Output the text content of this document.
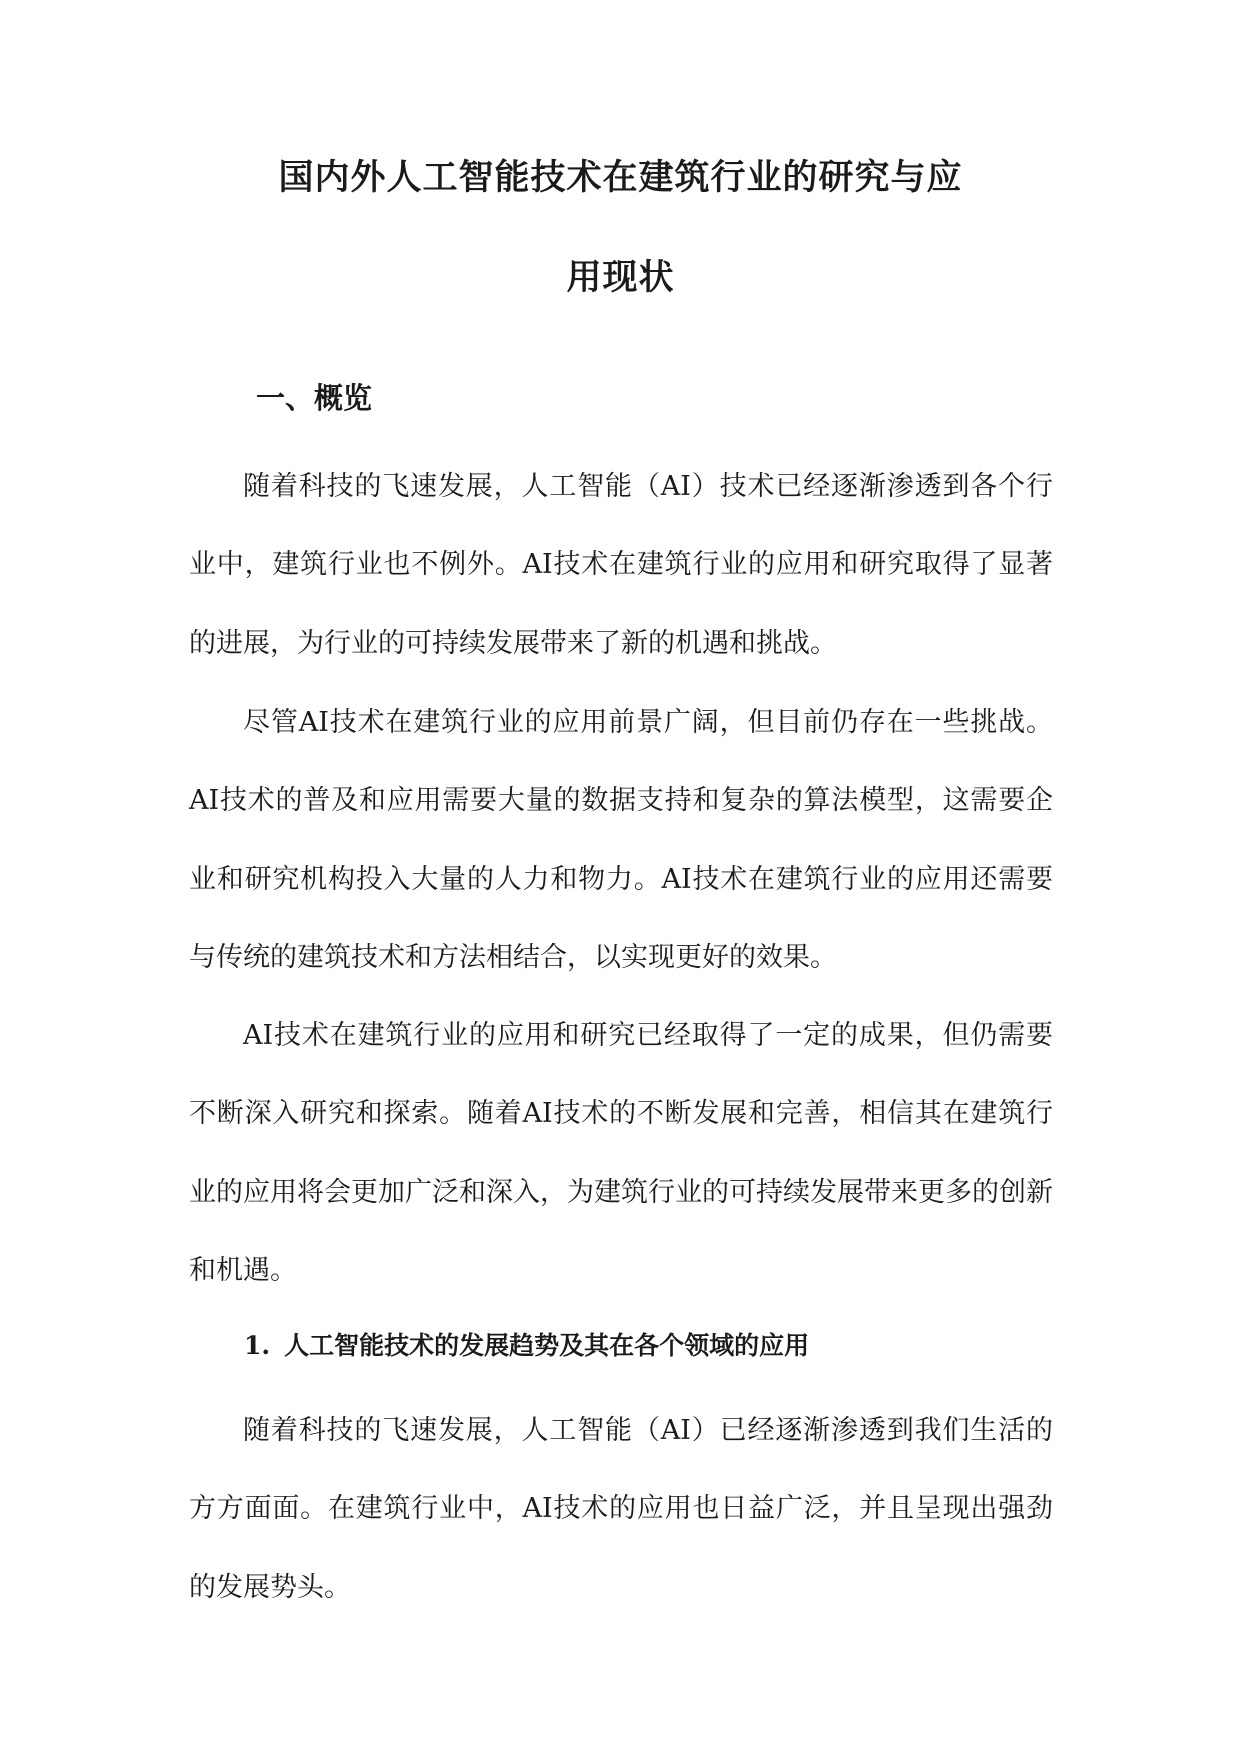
国内外人工智能技术在建筑行业的研究与应
用现状
一、概览

随着科技的飞速发展，人工智能（AI）技术已经逐渐渗透到各个行业中，建筑行业也不例外。AI技术在建筑行业的应用和研究取得了显著的进展，为行业的可持续发展带来了新的机遇和挑战。

尽管AI技术在建筑行业的应用前景广阔，但目前仍存在一些挑战。AI技术的普及和应用需要大量的数据支持和复杂的算法模型，这需要企业和研究机构投入大量的人力和物力。AI技术在建筑行业的应用还需要与传统的建筑技术和方法相结合，以实现更好的效果。

AI技术在建筑行业的应用和研究已经取得了一定的成果，但仍需要不断深入研究和探索。随着AI技术的不断发展和完善，相信其在建筑行业的应用将会更加广泛和深入，为建筑行业的可持续发展带来更多的创新和机遇。

1. 人工智能技术的发展趋势及其在各个领域的应用

随着科技的飞速发展，人工智能（AI）已经逐渐渗透到我们生活的方方面面。在建筑行业中，AI技术的应用也日益广泛，并且呈现出强劲的发展势头。
